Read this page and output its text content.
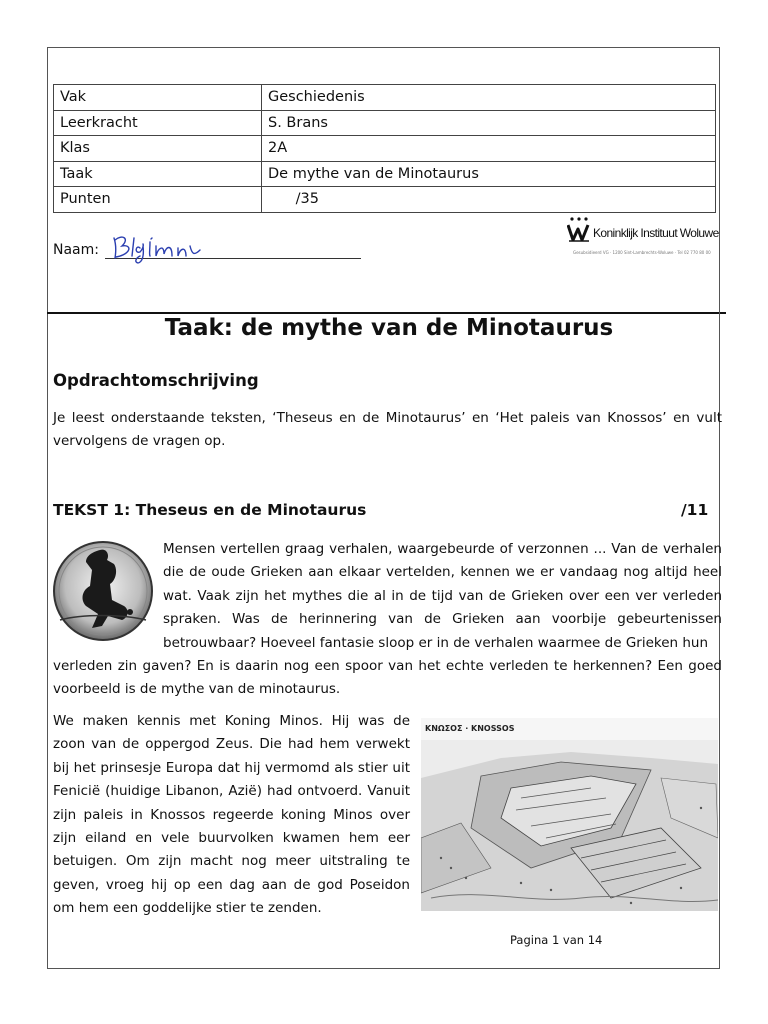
Vak	Geschiedenis
Leerkracht	S. Brans
Klas	2A
Taak	De mythe van de Minotaurus
Punten	/35
Naam:
Koninklijk Instituut Woluwe
Gesubsidieerd VG · 1200 Sint-Lambrechts-Woluwe · Tel 02 770 80 00
Taak: de mythe van de Minotaurus
Opdrachtomschrijving

Je leest onderstaande teksten, ‘Theseus en de Minotaurus’ en ‘Het paleis van Knossos’ en vult vervolgens de vragen op.

TEKST 1: Theseus en de Minotaurus	/11

Mensen vertellen graag verhalen, waargebeurde of verzonnen ... Van de verhalen die de oude Grieken aan elkaar vertelden, kennen we er vandaag nog altijd heel wat. Vaak zijn het mythes die al in de tijd van de Grieken over een ver verleden spraken. Was de herinnering van de Grieken aan voorbije gebeurtenissen betrouwbaar? Hoeveel fantasie sloop er in de verhalen waarmee de Grieken hun

verleden zin gaven? En is daarin nog een spoor van het echte verleden te herkennen? Een goed voorbeeld is de mythe van de minotaurus.

We maken kennis met Koning Minos. Hij was de zoon van de oppergod Zeus. Die had hem verwekt bij het prinsesje Europa dat hij vermomd als stier uit Fenicië (huidige Libanon, Azië) had ontvoerd. Vanuit zijn paleis in Knossos regeerde koning Minos over zijn eiland en vele buurvolken kwamen hem eer betuigen. Om zijn macht nog meer uitstraling te geven, vroeg hij op een dag aan de god Poseidon om hem een goddelijke stier te zenden.

ΚΝΩΣΟΣ · KNOSSOS
Pagina 1 van 14
